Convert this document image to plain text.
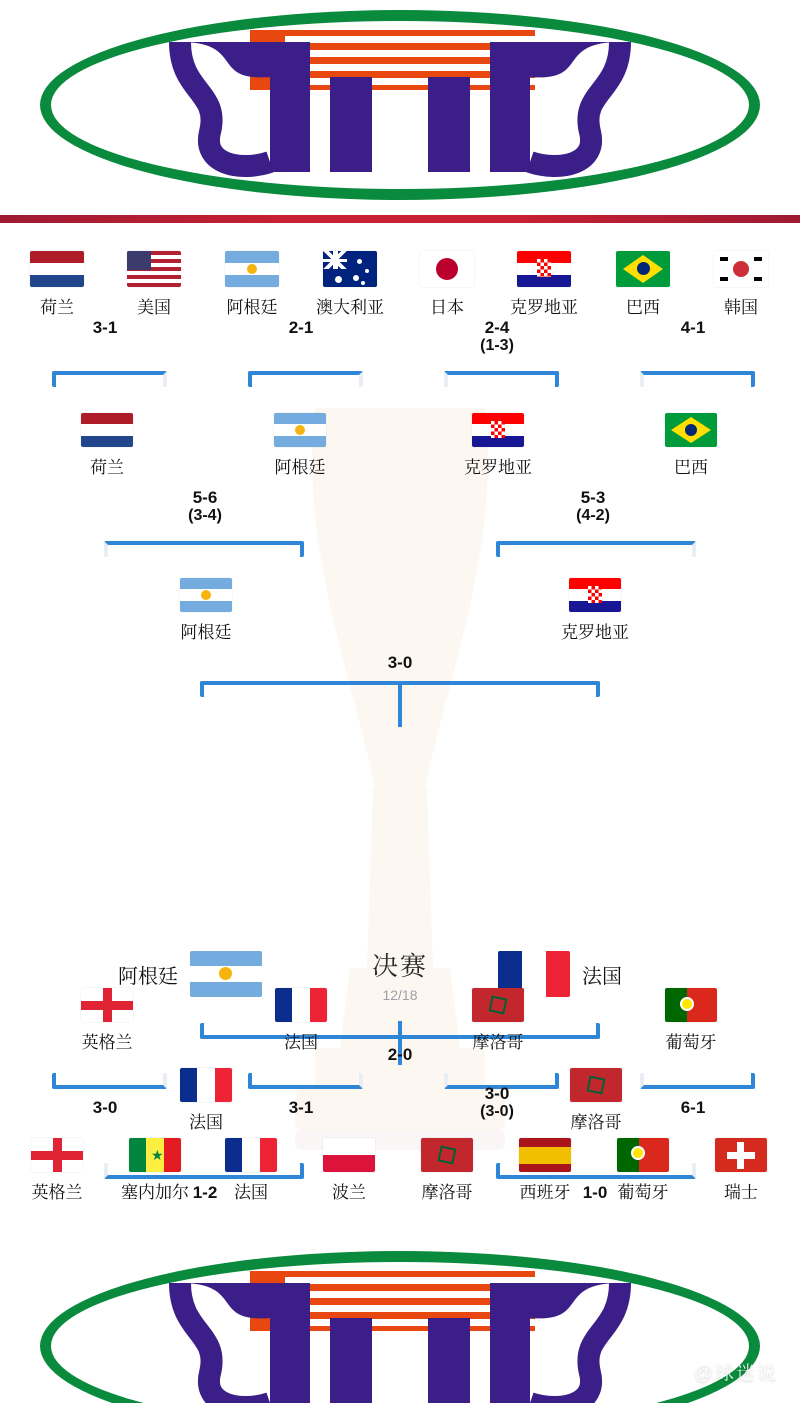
荷兰	美国	阿根廷	澳大利亚	日本	克罗地亚	巴西	韩国
3-1	2-1	2-4
(1-3)
4-1
荷兰	阿根廷	克罗地亚	巴西
5-6
(3-4)
5-3
(4-2)
阿根廷	克罗地亚
3-0
决赛
12/18
阿根廷	法国
2-0
法国	摩洛哥
1-2	1-0
英格兰	法国	摩洛哥	葡萄牙
3-0	3-1
3-0
(3-0)	6-1
英格兰
★
塞内加尔	法国	波兰	摩洛哥	西班牙	葡萄牙	瑞士
@球迷说
